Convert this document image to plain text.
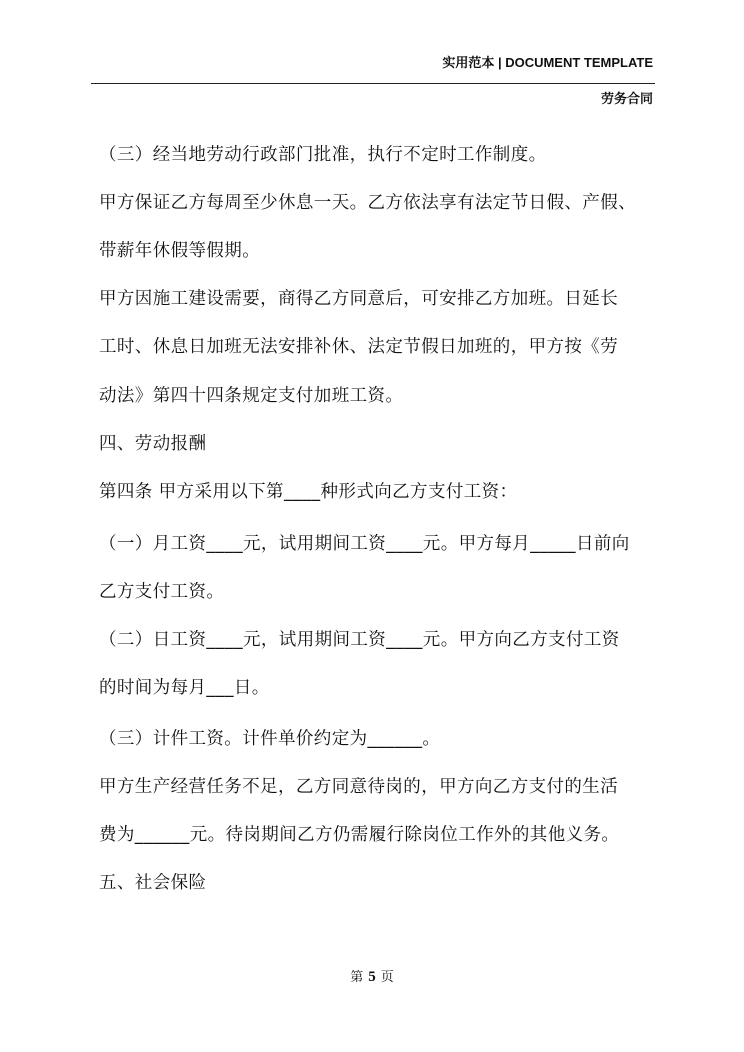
实用范本 | DOCUMENT TEMPLATE
劳务合同
（三）经当地劳动行政部门批准，执行不定时工作制度。
甲方保证乙方每周至少休息一天。乙方依法享有法定节日假、产假、
带薪年休假等假期。
甲方因施工建设需要，商得乙方同意后，可安排乙方加班。日延长
工时、休息日加班无法安排补休、法定节假日加班的，甲方按《劳
动法》第四十四条规定支付加班工资。
四、劳动报酬
第四条 甲方采用以下第____种形式向乙方支付工资：
（一）月工资____元，试用期间工资____元。甲方每月_____日前向
乙方支付工资。
（二）日工资____元，试用期间工资____元。甲方向乙方支付工资
的时间为每月___日。
（三）计件工资。计件单价约定为______。
甲方生产经营任务不足，乙方同意待岗的，甲方向乙方支付的生活
费为______元。待岗期间乙方仍需履行除岗位工作外的其他义务。
五、社会保险
第 5 页
